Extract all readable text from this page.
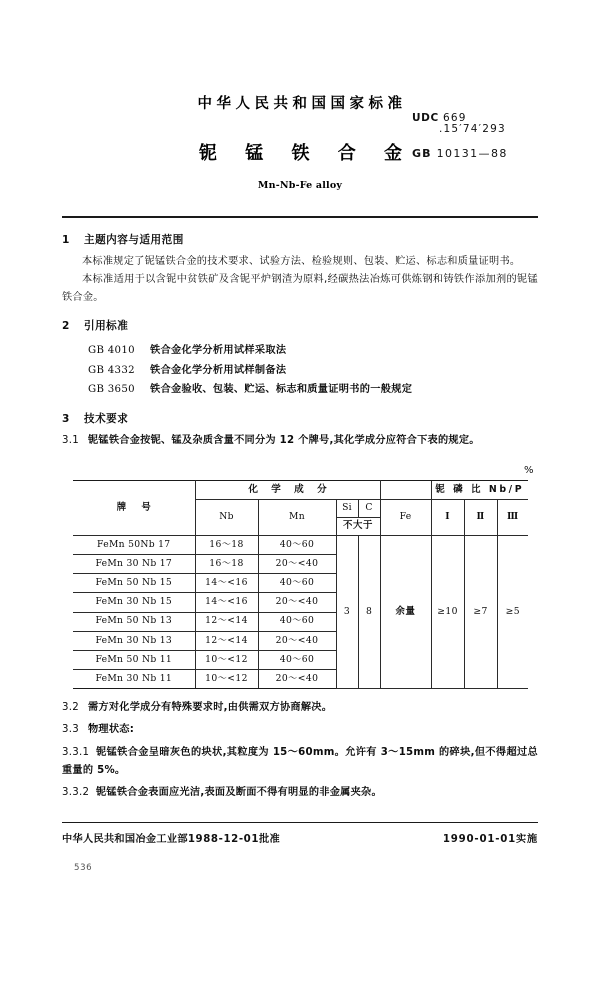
中华人民共和国国家标准
铌 锰 铁 合 金
Mn-Nb-Fe alloy
UDC 669
.15′74′293
GB 10131—88
1 主题内容与适用范围

本标准规定了铌锰铁合金的技术要求、试验方法、检验规则、包装、贮运、标志和质量证明书。

本标准适用于以含铌中贫铁矿及含铌平炉钢渣为原料,经碳热法冶炼可供炼钢和铸铁作添加剂的铌锰铁合金。

2 引用标准
GB 4010 铁合金化学分析用试样采取法
GB 4332 铁合金化学分析用试样制备法
GB 3650 铁合金验收、包装、贮运、标志和质量证明书的一般规定
3 技术要求
3.1 铌锰铁合金按铌、锰及杂质含量不同分为 12 个牌号,其化学成分应符合下表的规定。
%
牌 号	化 学 成 分					铌 磷 比 Nb/P		
	Nb	Mn	Si	C	Fe	Ⅰ	Ⅱ	Ⅲ
			不大于					
FeMn 50Nb 17	16～18	40～60	3	8	余量	≥10	≥7	≥5
FeMn 30 Nb 17	16～18	20～<40						
FeMn 50 Nb 15	14～<16	40～60						
FeMn 30 Nb 15	14～<16	20～<40						
FeMn 50 Nb 13	12～<14	40～60						
FeMn 30 Nb 13	12～<14	20～<40						
FeMn 50 Nb 11	10～<12	40～60						
FeMn 30 Nb 11	10～<12	20～<40						
3.2 需方对化学成分有特殊要求时,由供需双方协商解决。
3.3 物理状态:
3.3.1 铌锰铁合金呈暗灰色的块状,其粒度为 15～60mm。允许有 3～15mm 的碎块,但不得超过总重量的 5%。
3.3.2 铌锰铁合金表面应光洁,表面及断面不得有明显的非金属夹杂。
中华人民共和国冶金工业部1988-12-01批准	1990-01-01实施
536
